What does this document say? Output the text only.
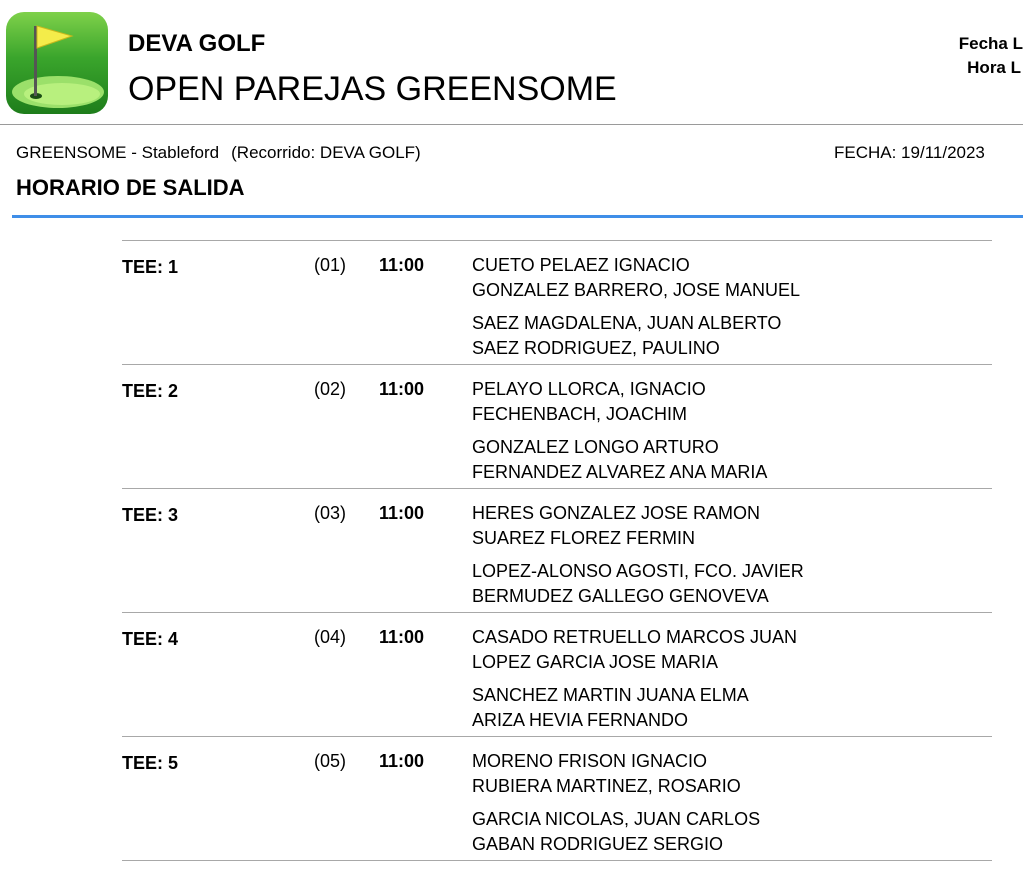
DEVA GOLF
OPEN PAREJAS GREENSOME
Fecha L
Hora L
GREENSOME - Stableford (Recorrido: DEVA GOLF)	FECHA: 19/11/2023
HORARIO DE SALIDA
TEE: 1	(01) 11:00	CUETO PELAEZ IGNACIO
GONZALEZ BARRERO, JOSE MANUEL
SAEZ MAGDALENA, JUAN ALBERTO
SAEZ RODRIGUEZ, PAULINO
TEE: 2	(02) 11:00	PELAYO LLORCA, IGNACIO
FECHENBACH, JOACHIM
GONZALEZ LONGO ARTURO
FERNANDEZ ALVAREZ ANA MARIA
TEE: 3	(03) 11:00	HERES GONZALEZ JOSE RAMON
SUAREZ FLOREZ FERMIN
LOPEZ-ALONSO AGOSTI, FCO. JAVIER
BERMUDEZ GALLEGO GENOVEVA
TEE: 4	(04) 11:00	CASADO RETRUELLO MARCOS JUAN
LOPEZ GARCIA JOSE MARIA
SANCHEZ MARTIN JUANA ELMA
ARIZA HEVIA FERNANDO
TEE: 5	(05) 11:00	MORENO FRISON IGNACIO
RUBIERA MARTINEZ, ROSARIO
GARCIA NICOLAS, JUAN CARLOS
GABAN RODRIGUEZ SERGIO
